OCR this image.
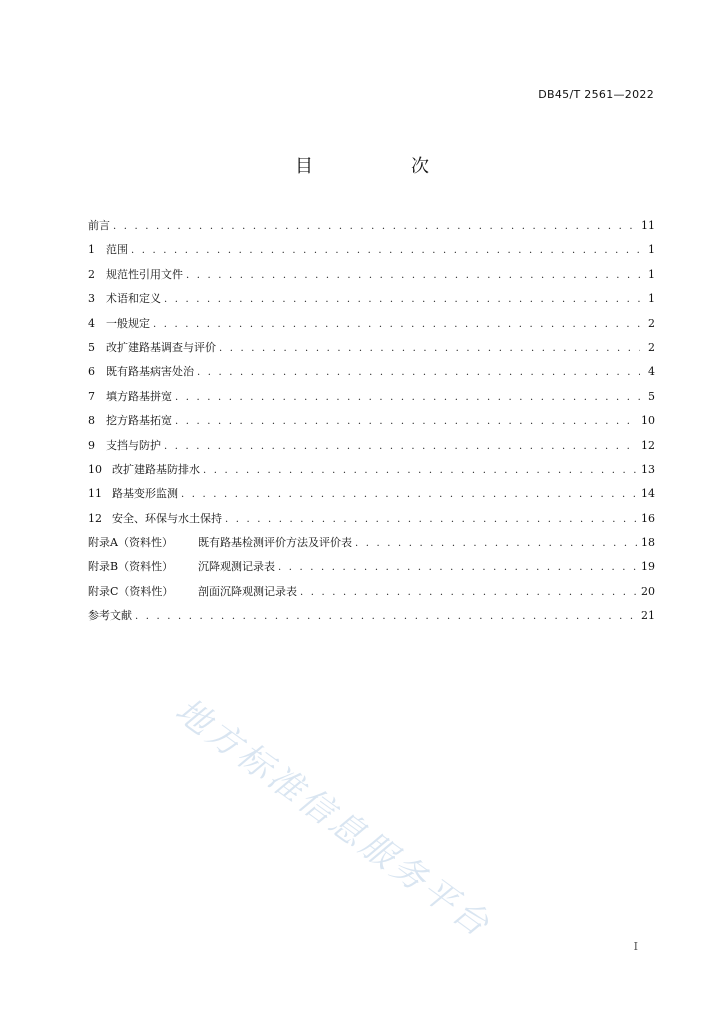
DB45/T 2561—2022
目　次
前言 . . .	11
1	范围 . . .	1
2	规范性引用文件 . . .	1
3	术语和定义 . . .	1
4	一般规定 . . .	2
5	改扩建路基调查与评价 . . .	2
6	既有路基病害处治 . . .	4
7	填方路基拼宽 . . .	5
8	挖方路基拓宽 . . .	10
9	支挡与防护 . . .	12
10 改扩建路基防排水 . . .	13
11 路基变形监测 . . .	14
12 安全、环保与水土保持 . . .	16
附录A（资料性）	既有路基检测评价方法及评价表 . . .	18
附录B（资料性）	沉降观测记录表 . . .	19
附录C（资料性）	剖面沉降观测记录表 . . .	20
参考文献 . . .	21
地方标准信息服务平台
I
